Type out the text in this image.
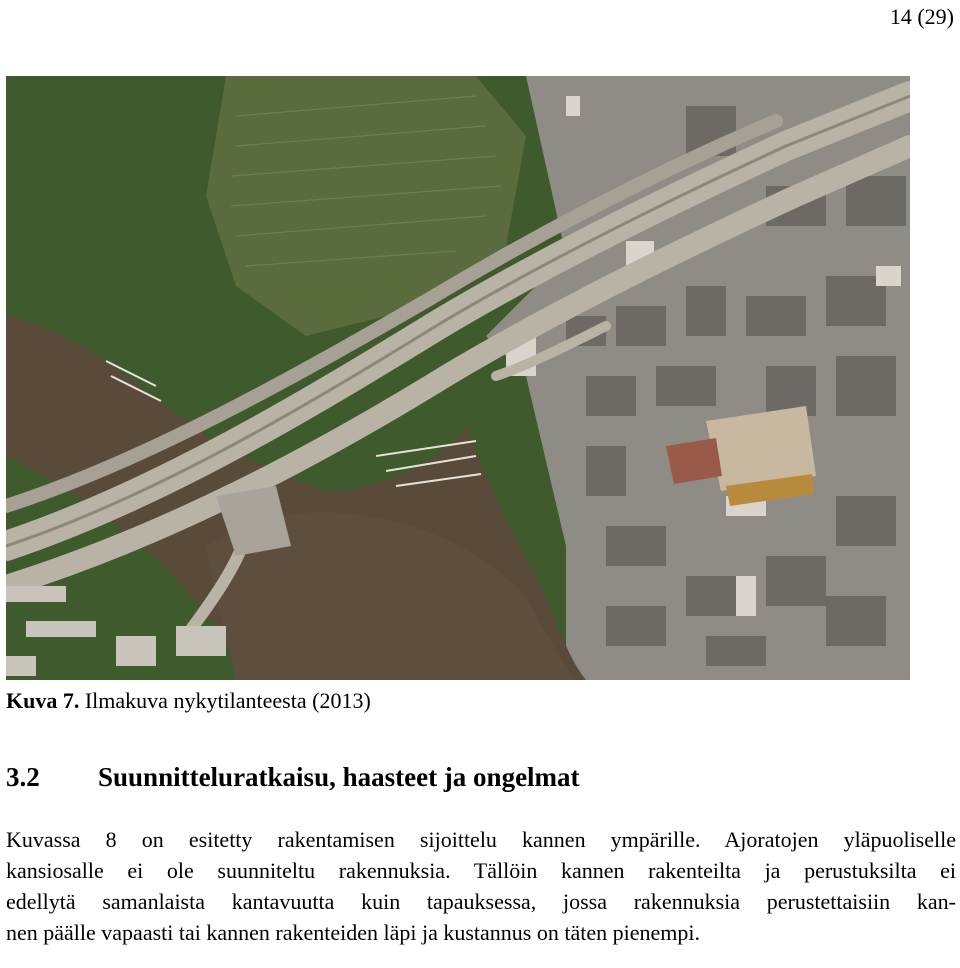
14 (29)
Kuva 7. Ilmakuva nykytilanteesta (2013)
3.2 Suunnitteluratkaisu, haasteet ja ongelmat
Kuvassa 8 on esitetty rakentamisen sijoittelu kannen ympärille. Ajoratojen yläpuoliselle
kansiosalle ei ole suunniteltu rakennuksia. Tällöin kannen rakenteilta ja perustuksilta ei
edellytä samanlaista kantavuutta kuin tapauksessa, jossa rakennuksia perustettaisiin kan-
nen päälle vapaasti tai kannen rakenteiden läpi ja kustannus on täten pienempi.
